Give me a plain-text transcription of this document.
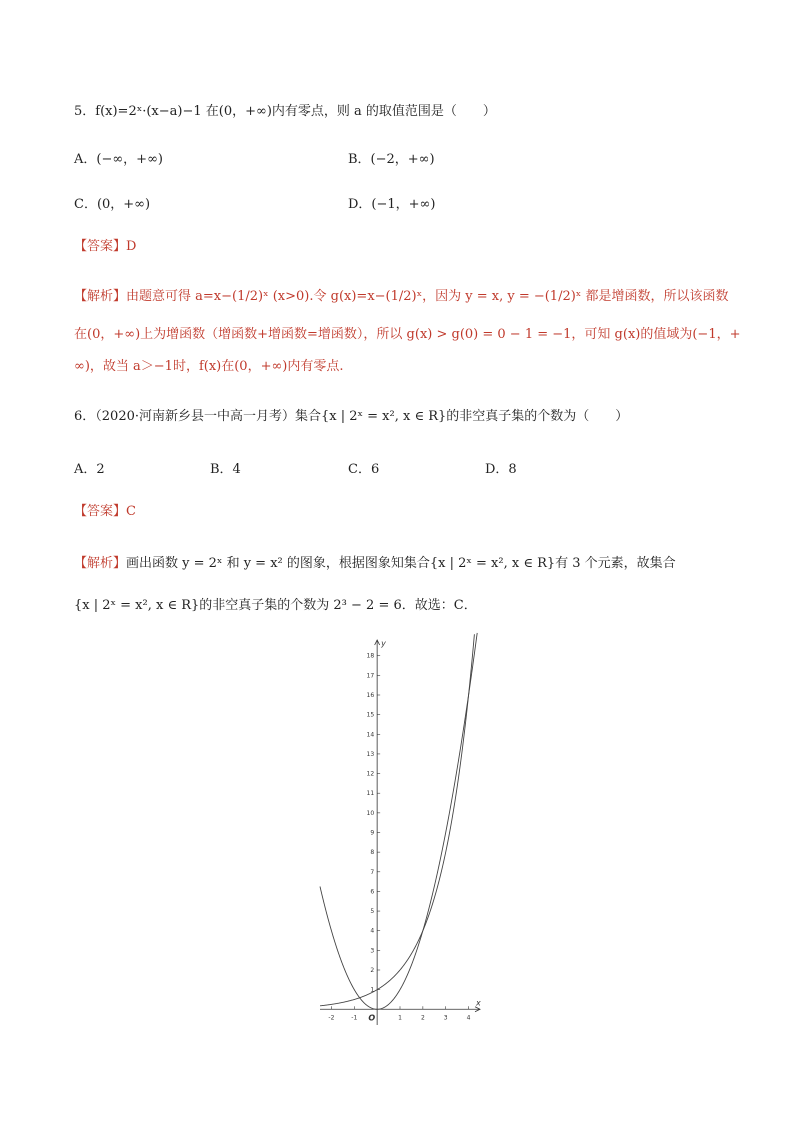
5．f(x)=2ˣ·(x−a)−1 在(0，+∞)内有零点，则 a 的取值范围是（　　）
A．(−∞，+∞)	B．(−2，+∞)
C．(0，+∞)	D．(−1，+∞)
【答案】D
【解析】由题意可得 a=x−(1/2)ˣ (x>0).令 g(x)=x−(1/2)ˣ，因为 y = x, y = −(1/2)ˣ 都是增函数，所以该函数
在(0，+∞)上为增函数（增函数+增函数=增函数），所以 g(x) > g(0) = 0 − 1 = −1，可知 g(x)的值域为(−1，+
∞)，故当 a＞−1时，f(x)在(0，+∞)内有零点.
6．（2020·河南新乡县一中高一月考）集合{x | 2ˣ = x², x ∈ R}的非空真子集的个数为（　　）
A．2	B．4	C．6	D．8
【答案】C
【解析】画出函数 y = 2ˣ 和 y = x² 的图象，根据图象知集合{x | 2ˣ = x², x ∈ R}有 3 个元素，故集合
{x | 2ˣ = x², x ∈ R}的非空真子集的个数为 2³ − 2 = 6．故选：C．
-2	-1	1	2	3	4
1
2
3
4
5
6
7
8
9
10
11
12
13
14
15
16
17
18
x
y
O
